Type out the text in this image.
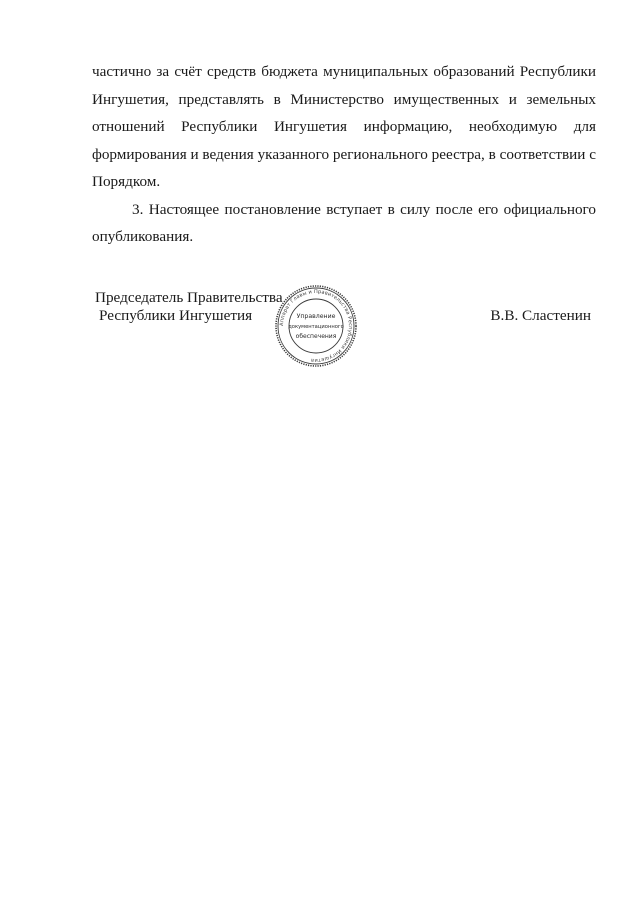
частично за счёт средств бюджета муниципальных образований Республики Ингушетия, представлять в Министерство имущественных и земельных отношений Республики Ингушетия информацию, необходимую для формирования и ведения указанного регионального реестра, в соответствии с Порядком.

3. Настоящее постановление вступает в силу после его официального опубликования.

Председатель Правительства
Республики Ингушетия	В.В. Сластенин
Аппарат Главы и Правительства Республики Ингушетия
Управление
документационного
обеспечения
